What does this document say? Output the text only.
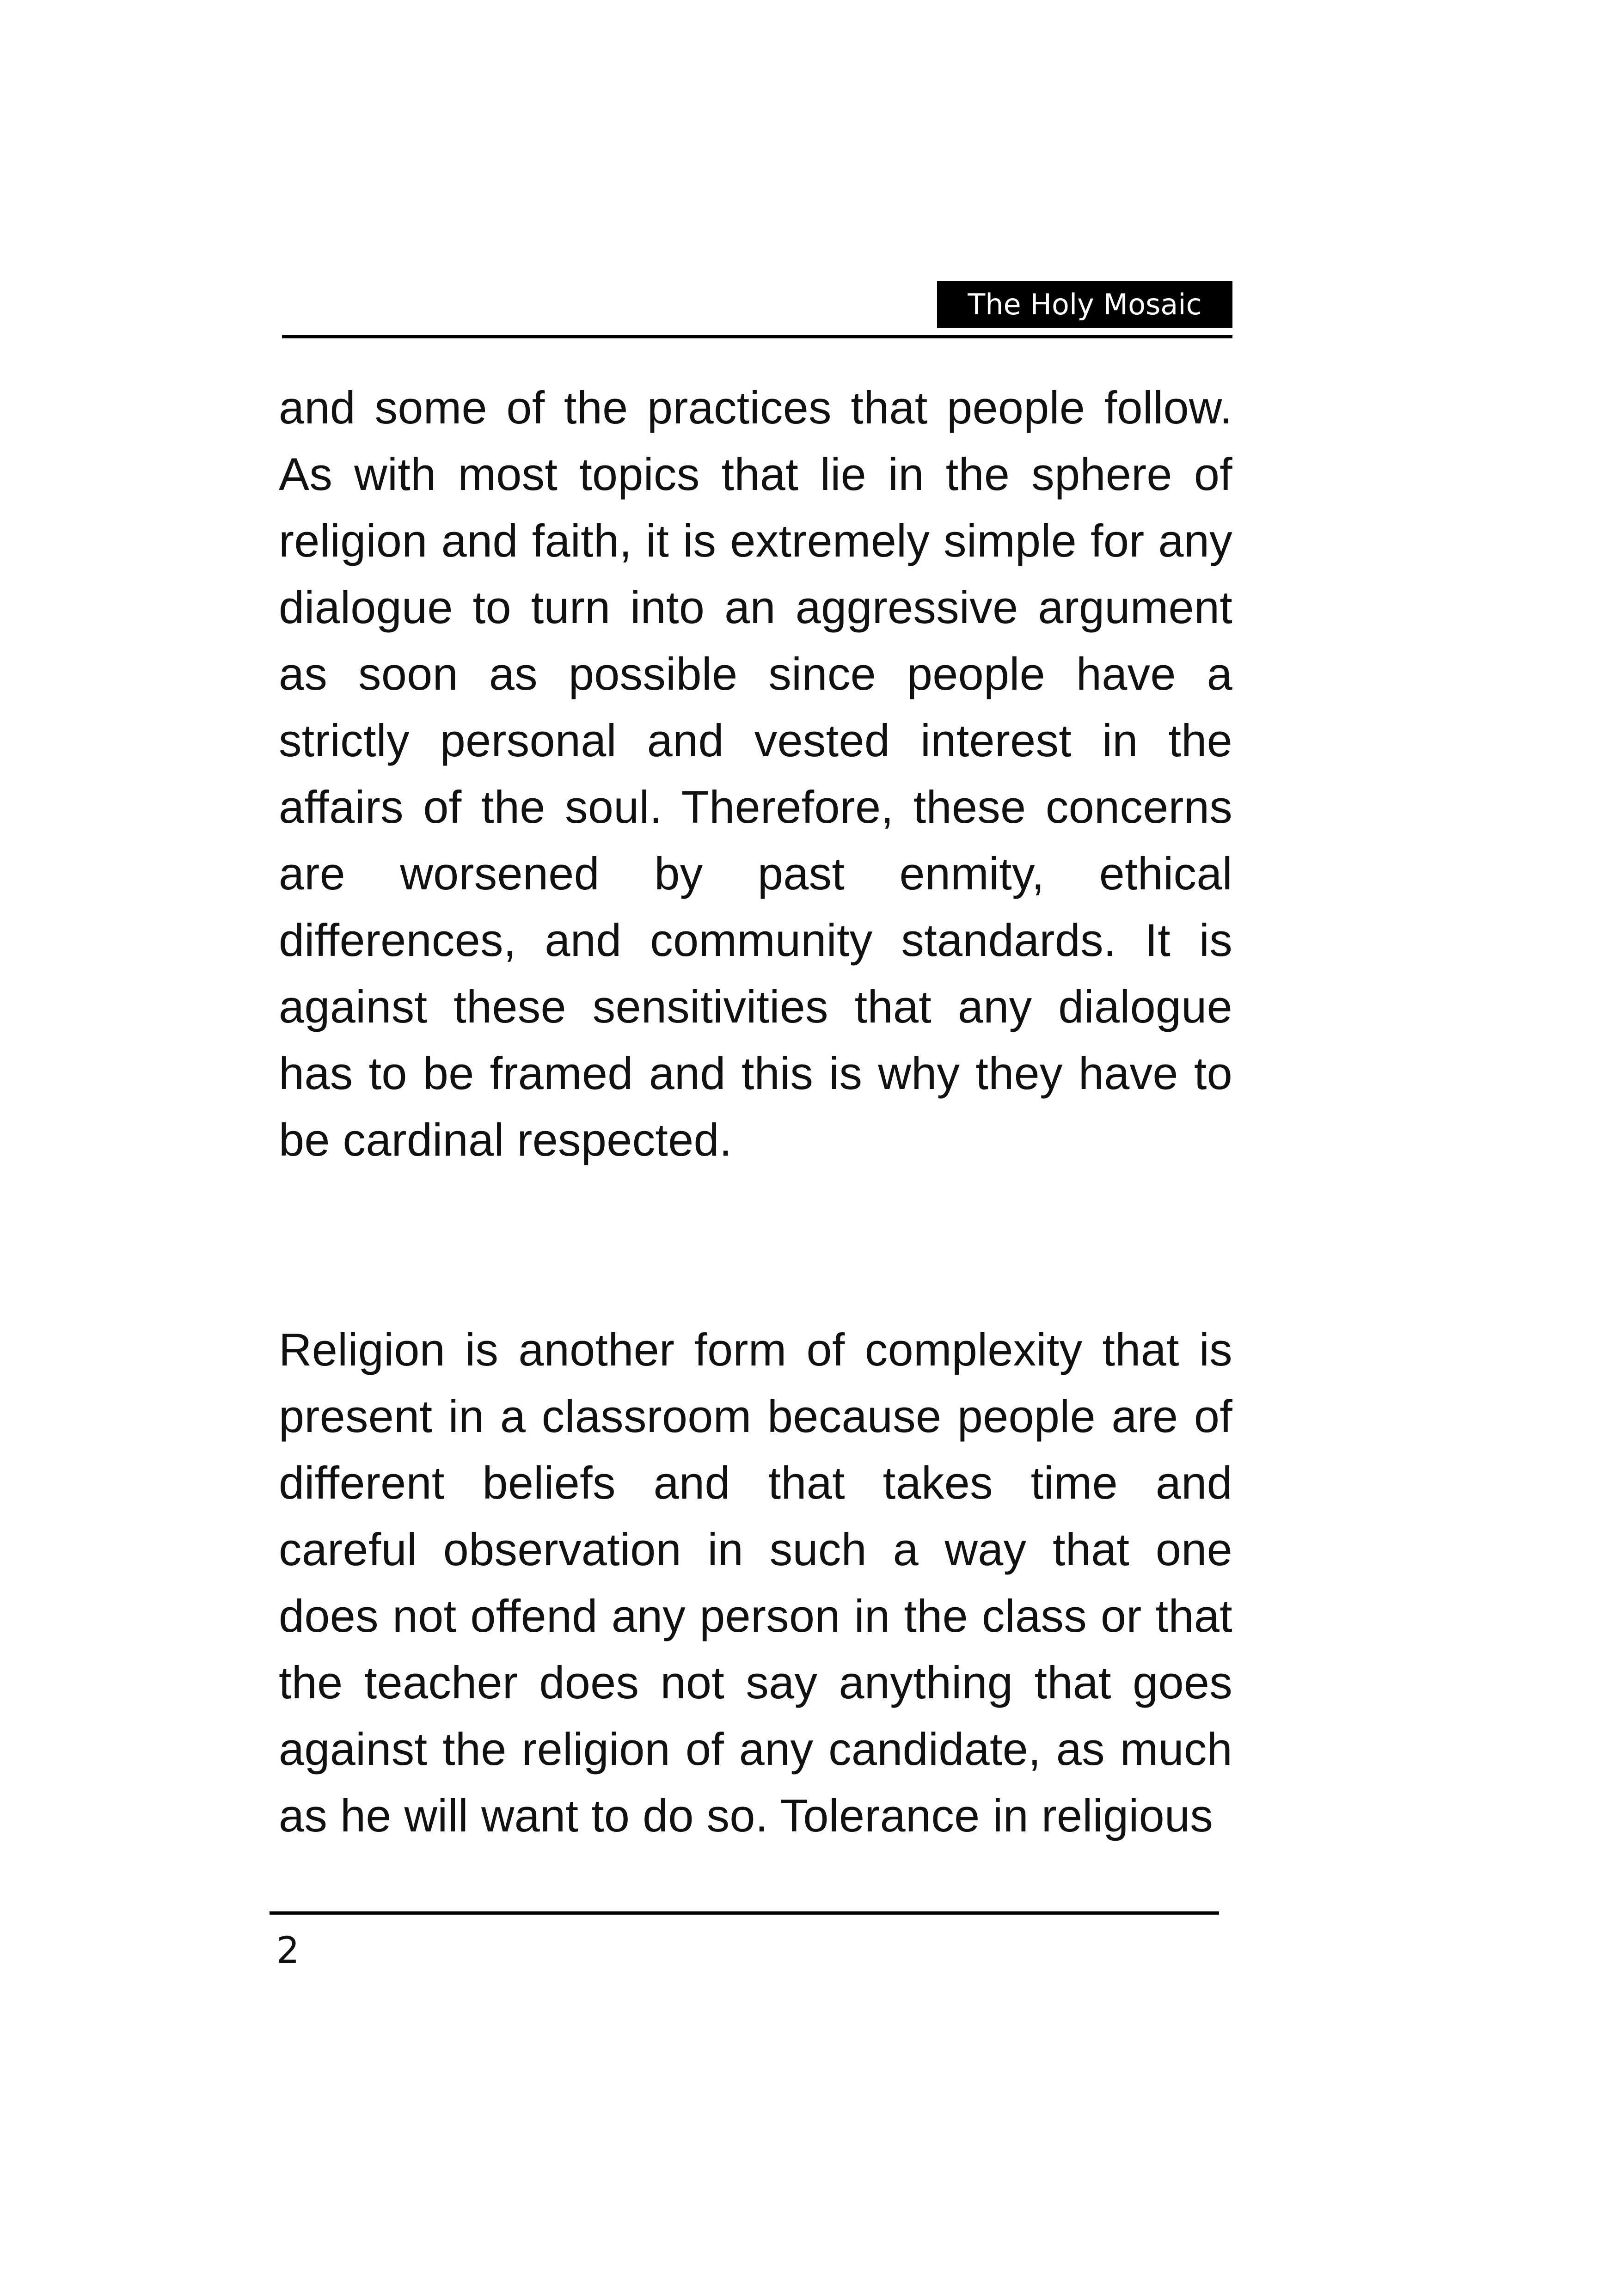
The Holy Mosaic

and some of the practices that people follow. As with most topics that lie in the sphere of religion and faith, it is extremely simple for any dialogue to turn into an aggressive argument as soon as possible since people have a strictly personal and vested interest in the affairs of the soul. Therefore, these concerns are worsened by past enmity, ethical differences, and community standards. It is against these sensitivities that any dialogue has to be framed and this is why they have to be cardinal respected.

Religion is another form of complexity that is present in a classroom because people are of different beliefs and that takes time and careful observation in such a way that one does not offend any person in the class or that the teacher does not say anything that goes against the religion of any candidate, as much as he will want to do so. Tolerance in religious

2
